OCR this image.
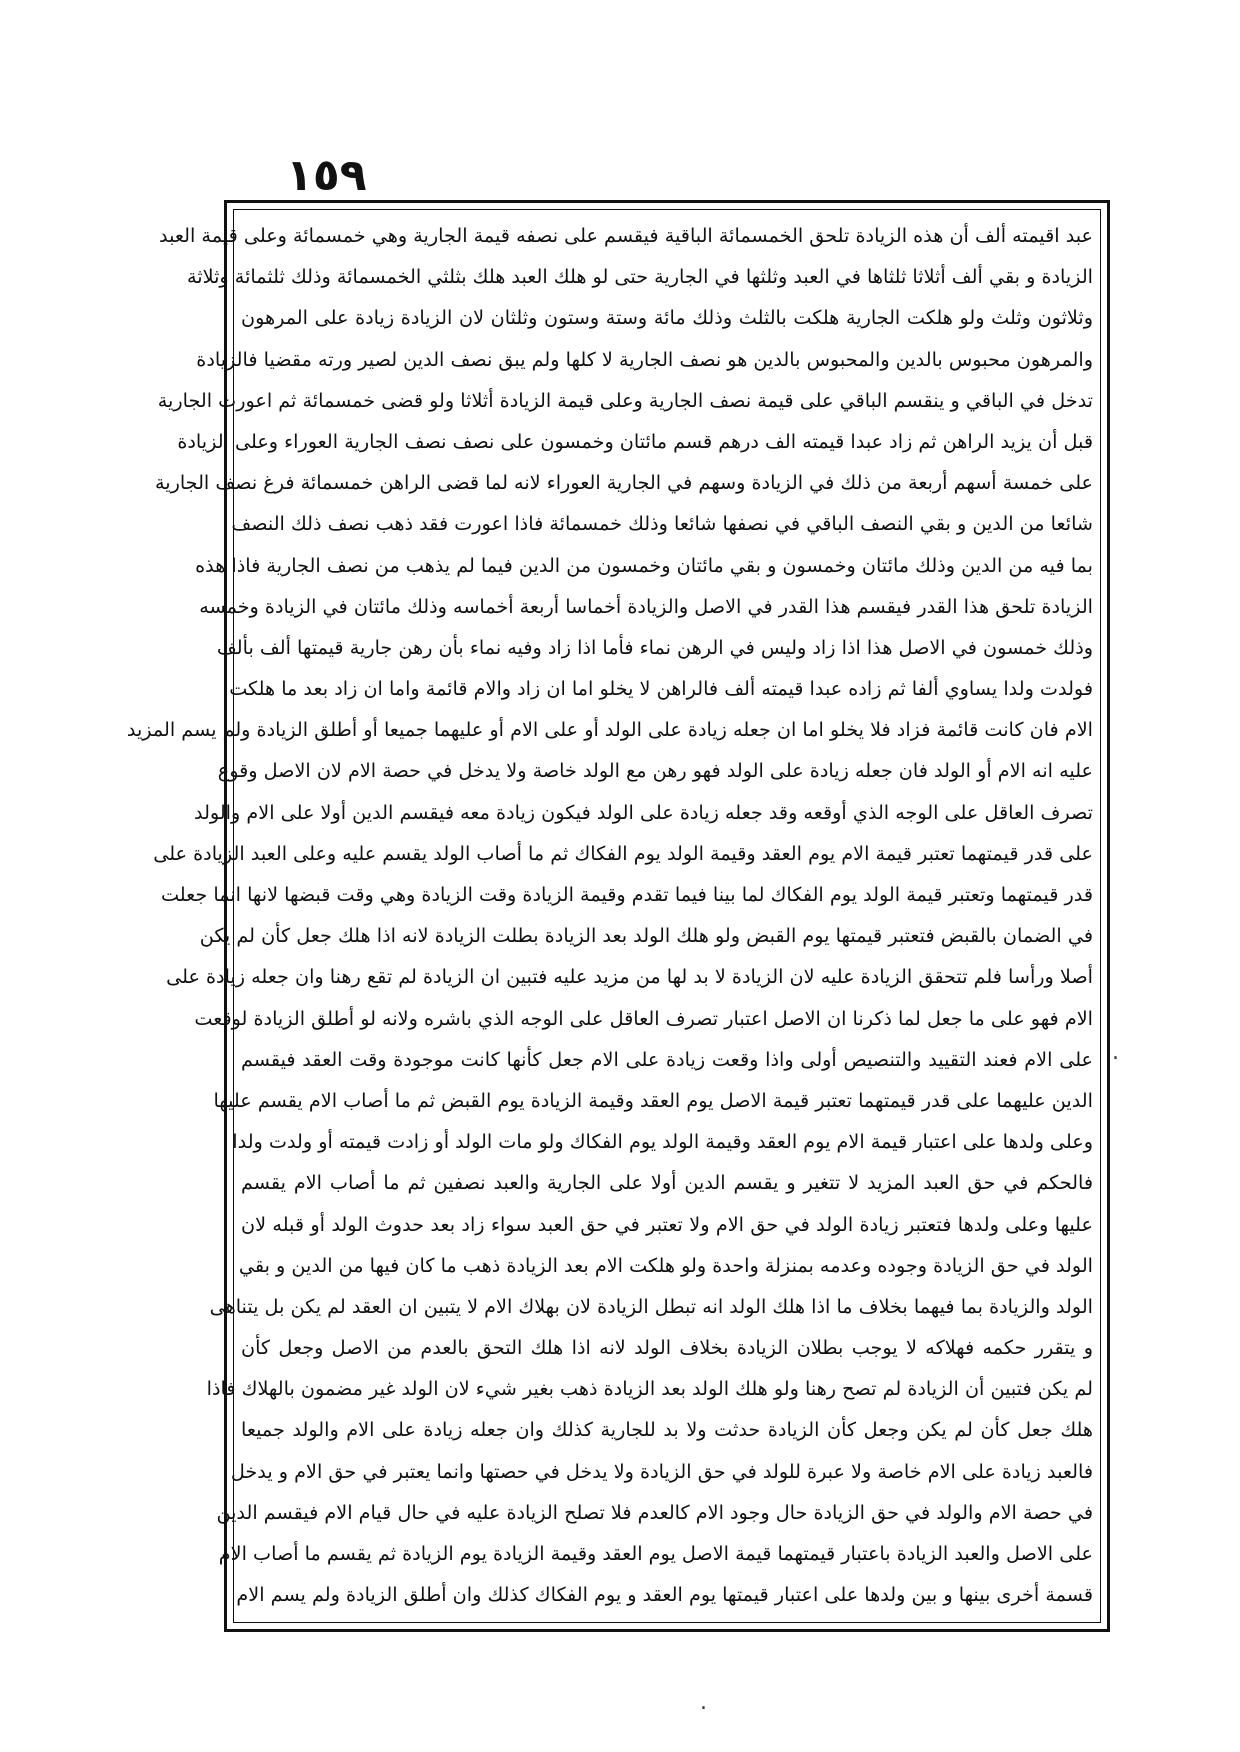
١٥٩
عبد اقيمته ألف أن هذه الزيادة تلحق الخمسمائة الباقية فيقسم على نصفه قيمة الجارية وهي خمسمائة وعلى قيمة العبد
الزيادة و بقي ألف أثلاثا ثلثاها في العبد وثلثها في الجارية حتى لو هلك العبد هلك بثلثي الخمسمائة وذلك ثلثمائة وثلاثة
وثلاثون وثلث ولو هلكت الجارية هلكت بالثلث وذلك مائة وستة وستون وثلثان لان الزيادة زيادة على المرهون
والمرهون محبوس بالدين والمحبوس بالدين هو نصف الجارية لا كلها ولم يبق نصف الدين لصير ورته مقضيا فالزيادة
تدخل في الباقي و ينقسم الباقي على قيمة نصف الجارية وعلى قيمة الزيادة أثلاثا ولو قضى خمسمائة ثم اعورت الجارية
قبل أن يزيد الراهن ثم زاد عبدا قيمته الف درهم قسم مائتان وخمسون على نصف نصف الجارية العوراء وعلى الزيادة
على خمسة أسهم أربعة من ذلك في الزيادة وسهم في الجارية العوراء لانه لما قضى الراهن خمسمائة فرغ نصف الجارية
شائعا من الدين و بقي النصف الباقي في نصفها شائعا وذلك خمسمائة فاذا اعورت فقد ذهب نصف ذلك النصف
بما فيه من الدين وذلك مائتان وخمسون و بقي مائتان وخمسون من الدين فيما لم يذهب من نصف الجارية فاذا هذه
الزيادة تلحق هذا القدر فيقسم هذا القدر في الاصل والزيادة أخماسا أربعة أخماسه وذلك مائتان في الزيادة وخمسه
وذلك خمسون في الاصل هذا اذا زاد وليس في الرهن نماء فأما اذا زاد وفيه نماء بأن رهن جارية قيمتها ألف بألف
فولدت ولدا يساوي ألفا ثم زاده عبدا قيمته ألف فالراهن لا يخلو اما ان زاد والام قائمة واما ان زاد بعد ما هلكت
الام فان كانت قائمة فزاد فلا يخلو اما ان جعله زيادة على الولد أو على الام أو عليهما جميعا أو أطلق الزيادة ولم يسم المزيد
عليه انه الام أو الولد فان جعله زيادة على الولد فهو رهن مع الولد خاصة ولا يدخل في حصة الام لان الاصل وقوع
تصرف العاقل على الوجه الذي أوقعه وقد جعله زيادة على الولد فيكون زيادة معه فيقسم الدين أولا على الام والولد
على قدر قيمتهما تعتبر قيمة الام يوم العقد وقيمة الولد يوم الفكاك ثم ما أصاب الولد يقسم عليه وعلى العبد الزيادة على
قدر قيمتهما وتعتبر قيمة الولد يوم الفكاك لما بينا فيما تقدم وقيمة الزيادة وقت الزيادة وهي وقت قبضها لانها انما جعلت
في الضمان بالقبض فتعتبر قيمتها يوم القبض ولو هلك الولد بعد الزيادة بطلت الزيادة لانه اذا هلك جعل كأن لم يكن
أصلا ورأسا فلم تتحقق الزيادة عليه لان الزيادة لا بد لها من مزيد عليه فتبين ان الزيادة لم تقع رهنا وان جعله زيادة على
الام فهو على ما جعل لما ذكرنا ان الاصل اعتبار تصرف العاقل على الوجه الذي باشره ولانه لو أطلق الزيادة لوقعت
على الام فعند التقييد والتنصيص أولى واذا وقعت زيادة على الام جعل كأنها كانت موجودة وقت العقد فيقسم
الدين عليهما على قدر قيمتهما تعتبر قيمة الاصل يوم العقد وقيمة الزيادة يوم القبض ثم ما أصاب الام يقسم عليها
وعلى ولدها على اعتبار قيمة الام يوم العقد وقيمة الولد يوم الفكاك ولو مات الولد أو زادت قيمته أو ولدت ولدا
فالحكم في حق العبد المزيد لا تتغير و يقسم الدين أولا على الجارية والعبد نصفين ثم ما أصاب الام يقسم
عليها وعلى ولدها فتعتبر زيادة الولد في حق الام ولا تعتبر في حق العبد سواء زاد بعد حدوث الولد أو قبله لان
الولد في حق الزيادة وجوده وعدمه بمنزلة واحدة ولو هلكت الام بعد الزيادة ذهب ما كان فيها من الدين و بقي
الولد والزيادة بما فيهما بخلاف ما اذا هلك الولد انه تبطل الزيادة لان بهلاك الام لا يتبين ان العقد لم يكن بل يتناهى
و يتقرر حكمه فهلاكه لا يوجب بطلان الزيادة بخلاف الولد لانه اذا هلك التحق بالعدم من الاصل وجعل كأن
لم يكن فتبين أن الزيادة لم تصح رهنا ولو هلك الولد بعد الزيادة ذهب بغير شيء لان الولد غير مضمون بالهلاك فاذا
هلك جعل كأن لم يكن وجعل كأن الزيادة حدثت ولا بد للجارية كذلك وان جعله زيادة على الام والولد جميعا
فالعبد زيادة على الام خاصة ولا عبرة للولد في حق الزيادة ولا يدخل في حصتها وانما يعتبر في حق الام و يدخل
في حصة الام والولد في حق الزيادة حال وجود الام كالعدم فلا تصلح الزيادة عليه في حال قيام الام فيقسم الدين
على الاصل والعبد الزيادة باعتبار قيمتهما قيمة الاصل يوم العقد وقيمة الزيادة يوم الزيادة ثم يقسم ما أصاب الام
قسمة أخرى بينها و بين ولدها على اعتبار قيمتها يوم العقد و يوم الفكاك كذلك وان أطلق الزيادة ولم يسم الام
.
.
